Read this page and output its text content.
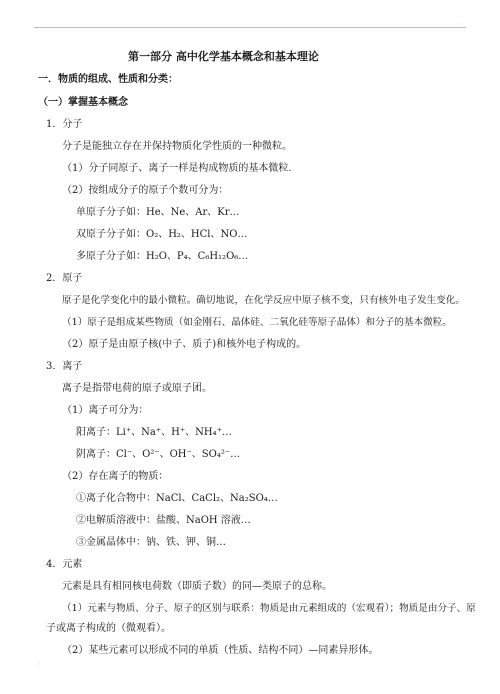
，
第一部分 高中化学基本概念和基本理论
一．物质的组成、性质和分类：
（一）掌握基本概念
1．分子
分子是能独立存在并保持物质化学性质的一种微粒。
（1）分子同原子、离子一样是构成物质的基本微粒.
（2）按组成分子的原子个数可分为：
单原子分子如：He、Ne、Ar、Kr…
双原子分子如：O₂、H₂、HCl、NO…
多原子分子如：H₂O、P₄、C₆H₁₂O₆…
2．原子
原子是化学变化中的最小微粒。确切地说，在化学反应中原子核不变，只有核外电子发生变化。
（1）原子是组成某些物质（如金刚石、晶体硅、二氧化硅等原子晶体）和分子的基本微粒。
（2）原子是由原子核(中子、质子)和核外电子构成的。
3．离子
离子是指带电荷的原子或原子团。
（1）离子可分为：
阳离子：Li⁺、Na⁺、H⁺、NH₄⁺…
阴离子：Cl⁻、O²⁻、OH⁻、SO₄²⁻…
（2）存在离子的物质：
①离子化合物中：NaCl、CaCl₂、Na₂SO₄…
②电解质溶液中：盐酸、NaOH 溶液…
③金属晶体中：钠、铁、钾、铜…
4．元素
元素是具有相同核电荷数（即质子数）的同—类原子的总称。
（1）元素与物质、分子、原子的区别与联系：物质是由元素组成的（宏观看）；物质是由分子、原
子或离子构成的（微观看）。
（2）某些元素可以形成不同的单质（性质、结构不同）—同素异形体。
。
